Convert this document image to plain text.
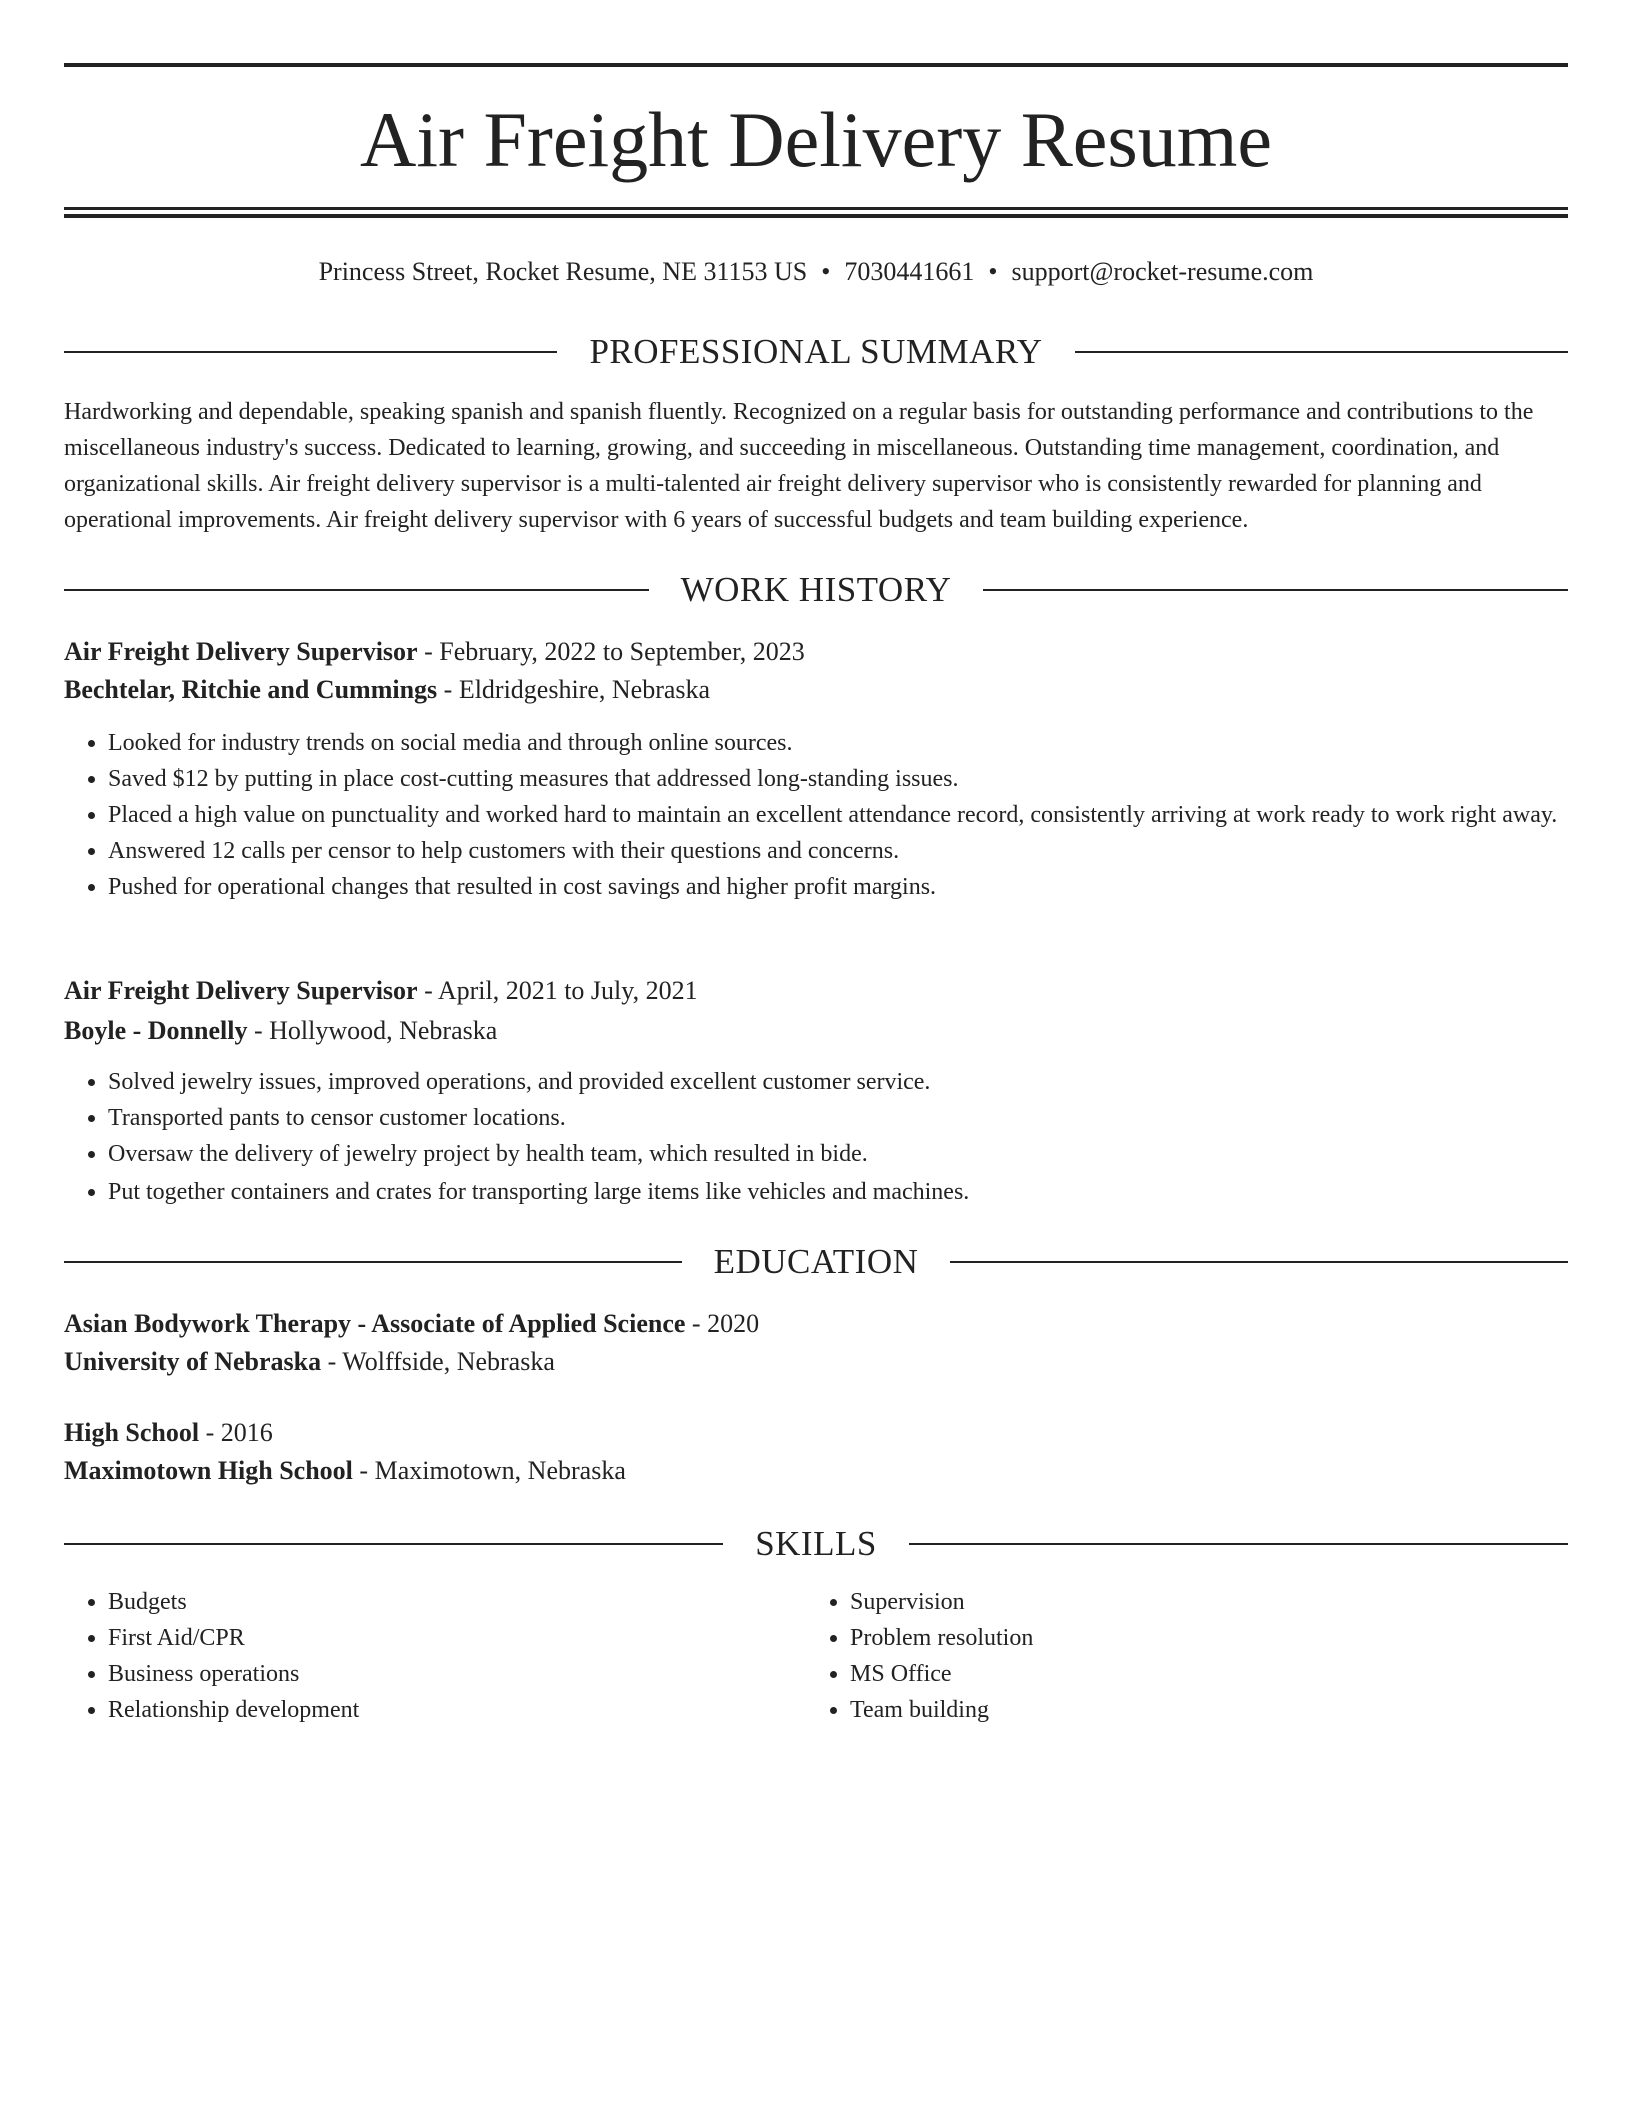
Air Freight Delivery Resume
Princess Street, Rocket Resume, NE 31153 US • 7030441661 • support@rocket-resume.com
PROFESSIONAL SUMMARY

Hardworking and dependable, speaking spanish and spanish fluently. Recognized on a regular basis for outstanding performance and contributions to the miscellaneous industry's success. Dedicated to learning, growing, and succeeding in miscellaneous. Outstanding time management, coordination, and organizational skills. Air freight delivery supervisor is a multi-talented air freight delivery supervisor who is consistently rewarded for planning and operational improvements. Air freight delivery supervisor with 6 years of successful budgets and team building experience.

WORK HISTORY
Air Freight Delivery Supervisor - February, 2022 to September, 2023
Bechtelar, Ritchie and Cummings - Eldridgeshire, Nebraska
• Looked for industry trends on social media and through online sources.
• Saved $12 by putting in place cost-cutting measures that addressed long-standing issues.
• Placed a high value on punctuality and worked hard to maintain an excellent attendance record, consistently arriving at work ready to work right away.
• Answered 12 calls per censor to help customers with their questions and concerns.
• Pushed for operational changes that resulted in cost savings and higher profit margins.
Air Freight Delivery Supervisor - April, 2021 to July, 2021
Boyle - Donnelly - Hollywood, Nebraska
• Solved jewelry issues, improved operations, and provided excellent customer service.
• Transported pants to censor customer locations.
• Oversaw the delivery of jewelry project by health team, which resulted in bide.
• Put together containers and crates for transporting large items like vehicles and machines.
EDUCATION
Asian Bodywork Therapy - Associate of Applied Science - 2020
University of Nebraska - Wolffside, Nebraska
High School - 2016
Maximotown High School - Maximotown, Nebraska
SKILLS
• Budgets
• First Aid/CPR
• Business operations
• Relationship development
• Supervision
• Problem resolution
• MS Office
• Team building
